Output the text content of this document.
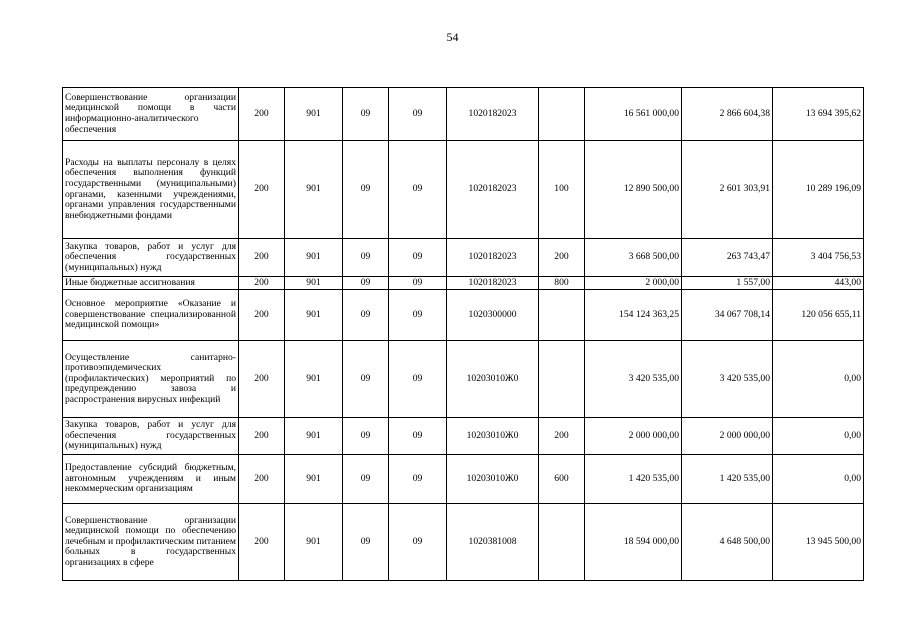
54
Совершенствование организации медицинской помощи в части информационно-аналитического обеспечения	200	901	09	09	1020182023		16 561 000,00	2 866 604,38	13 694 395,62
Расходы на выплаты персоналу в целях обеспечения выполнения функций государственными (муниципальными) органами, казенными учреждениями, органами управления государственными внебюджетными фондами	200	901	09	09	1020182023	100	12 890 500,00	2 601 303,91	10 289 196,09
Закупка товаров, работ и услуг для обеспечения государственных (муниципальных) нужд	200	901	09	09	1020182023	200	3 668 500,00	263 743,47	3 404 756,53
Иные бюджетные ассигнования	200	901	09	09	1020182023	800	2 000,00	1 557,00	443,00
Основное мероприятие «Оказание и совершенствование специализированной медицинской помощи»	200	901	09	09	1020300000		154 124 363,25	34 067 708,14	120 056 655,11
Осуществление санитарно-противоэпидемических (профилактических) мероприятий по предупреждению завоза и распространения вирусных инфекций	200	901	09	09	10203010Ж0		3 420 535,00	3 420 535,00	0,00
Закупка товаров, работ и услуг для обеспечения государственных (муниципальных) нужд	200	901	09	09	10203010Ж0	200	2 000 000,00	2 000 000,00	0,00
Предоставление субсидий бюджетным, автономным учреждениям и иным некоммерческим организациям	200	901	09	09	10203010Ж0	600	1 420 535,00	1 420 535,00	0,00
Совершенствование организации медицинской помощи по обеспечению лечебным и профилактическим питанием больных в государственных организациях в сфере	200	901	09	09	1020381008		18 594 000,00	4 648 500,00	13 945 500,00
